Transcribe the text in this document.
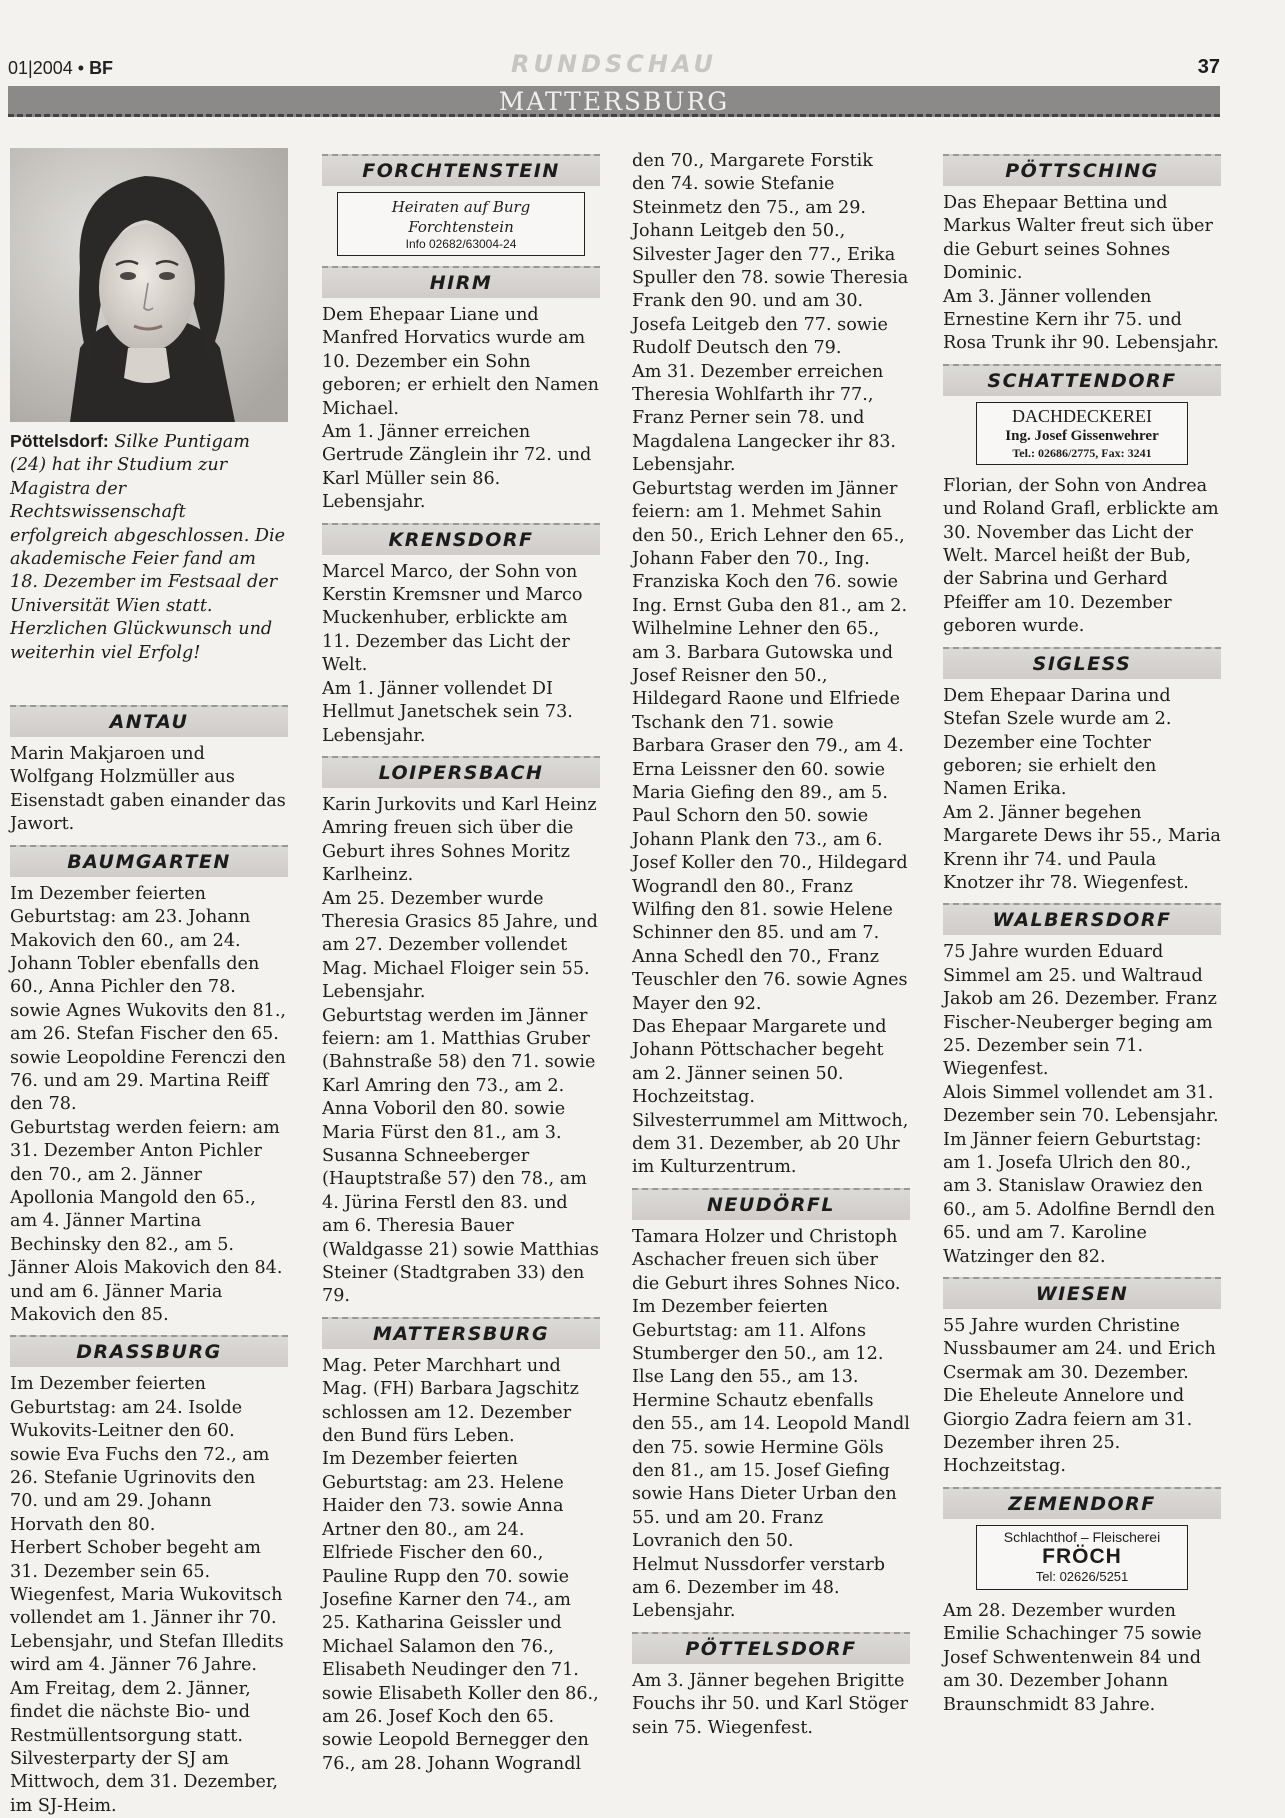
01|2004 • BF	RUNDSCHAU	37
MATTERSBURG

Pöttelsdorf: Silke Puntigam (24) hat ihr Studium zur Magistra der Rechtswissenschaft erfolgreich abgeschlossen. Die akademische Feier fand am 18. Dezember im Festsaal der Universität Wien statt. Herzlichen Glückwunsch und weiterhin viel Erfolg!

ANTAU

Marin Makjaroen und Wolfgang Holzmüller aus Eisenstadt gaben einander das Jawort.

BAUMGARTEN

Im Dezember feierten Geburtstag: am 23. Johann Makovich den 60., am 24. Johann Tobler ebenfalls den 60., Anna Pichler den 78. sowie Agnes Wukovits den 81., am 26. Stefan Fischer den 65. sowie Leopoldine Ferenczi den 76. und am 29. Martina Reiff den 78.

Geburtstag werden feiern: am 31. Dezember Anton Pichler den 70., am 2. Jänner Apollonia Mangold den 65., am 4. Jänner Martina Bechinsky den 82., am 5. Jänner Alois Makovich den 84. und am 6. Jänner Maria Makovich den 85.

DRASSBURG

Im Dezember feierten Geburtstag: am 24. Isolde Wukovits-Leitner den 60. sowie Eva Fuchs den 72., am 26. Stefanie Ugrinovits den 70. und am 29. Johann Horvath den 80.

Herbert Schober begeht am 31. Dezember sein 65. Wiegenfest, Maria Wukovitsch vollendet am 1. Jänner ihr 70. Lebensjahr, und Stefan Illedits wird am 4. Jänner 76 Jahre.

Am Freitag, dem 2. Jänner, findet die nächste Bio- und Restmüllentsorgung statt.

Silvesterparty der SJ am Mittwoch, dem 31. Dezember, im SJ-Heim.

FORCHTENSTEIN
Heiraten auf Burg
Forchtenstein
Info 02682/63004-24
HIRM

Dem Ehepaar Liane und Manfred Horvatics wurde am 10. Dezember ein Sohn geboren; er erhielt den Namen Michael.

Am 1. Jänner erreichen Gertrude Zänglein ihr 72. und Karl Müller sein 86. Lebensjahr.

KRENSDORF

Marcel Marco, der Sohn von Kerstin Kremsner und Marco Muckenhuber, erblickte am 11. Dezember das Licht der Welt.

Am 1. Jänner vollendet DI Hellmut Janetschek sein 73. Lebensjahr.

LOIPERSBACH

Karin Jurkovits und Karl Heinz Amring freuen sich über die Geburt ihres Sohnes Moritz Karlheinz.

Am 25. Dezember wurde Theresia Grasics 85 Jahre, und am 27. Dezember vollendet Mag. Michael Floiger sein 55. Lebensjahr.

Geburtstag werden im Jänner feiern: am 1. Matthias Gruber (Bahnstraße 58) den 71. sowie Karl Amring den 73., am 2. Anna Voboril den 80. sowie Maria Fürst den 81., am 3. Susanna Schneeberger (Hauptstraße 57) den 78., am 4. Jürina Ferstl den 83. und am 6. Theresia Bauer (Waldgasse 21) sowie Matthias Steiner (Stadtgraben 33) den 79.

MATTERSBURG

Mag. Peter Marchhart und Mag. (FH) Barbara Jagschitz schlossen am 12. Dezember den Bund fürs Leben.

Im Dezember feierten Geburtstag: am 23. Helene Haider den 73. sowie Anna Artner den 80., am 24. Elfriede Fischer den 60., Pauline Rupp den 70. sowie Josefine Karner den 74., am 25. Katharina Geissler und Michael Salamon den 76., Elisabeth Neudinger den 71. sowie Elisabeth Koller den 86., am 26. Josef Koch den 65. sowie Leopold Bernegger den 76., am 28. Johann Wograndl

den 70., Margarete Forstik den 74. sowie Stefanie Steinmetz den 75., am 29. Johann Leitgeb den 50., Silvester Jager den 77., Erika Spuller den 78. sowie Theresia Frank den 90. und am 30. Josefa Leitgeb den 77. sowie Rudolf Deutsch den 79.

Am 31. Dezember erreichen Theresia Wohlfarth ihr 77., Franz Perner sein 78. und Magdalena Langecker ihr 83. Lebensjahr.

Geburtstag werden im Jänner feiern: am 1. Mehmet Sahin den 50., Erich Lehner den 65., Johann Faber den 70., Ing. Franziska Koch den 76. sowie Ing. Ernst Guba den 81., am 2. Wilhelmine Lehner den 65., am 3. Barbara Gutowska und Josef Reisner den 50., Hildegard Raone und Elfriede Tschank den 71. sowie Barbara Graser den 79., am 4. Erna Leissner den 60. sowie Maria Giefing den 89., am 5. Paul Schorn den 50. sowie Johann Plank den 73., am 6. Josef Koller den 70., Hildegard Wograndl den 80., Franz Wilfing den 81. sowie Helene Schinner den 85. und am 7. Anna Schedl den 70., Franz Teuschler den 76. sowie Agnes Mayer den 92.

Das Ehepaar Margarete und Johann Pöttschacher begeht am 2. Jänner seinen 50. Hochzeitstag.

Silvesterrummel am Mittwoch, dem 31. Dezember, ab 20 Uhr im Kulturzentrum.

NEUDÖRFL

Tamara Holzer und Christoph Aschacher freuen sich über die Geburt ihres Sohnes Nico.

Im Dezember feierten Geburtstag: am 11. Alfons Stumberger den 50., am 12. Ilse Lang den 55., am 13. Hermine Schautz ebenfalls den 55., am 14. Leopold Mandl den 75. sowie Hermine Göls den 81., am 15. Josef Giefing sowie Hans Dieter Urban den 55. und am 20. Franz Lovranich den 50.

Helmut Nussdorfer verstarb am 6. Dezember im 48. Lebensjahr.

PÖTTELSDORF

Am 3. Jänner begehen Brigitte Fouchs ihr 50. und Karl Stöger sein 75. Wiegenfest.

PÖTTSCHING

Das Ehepaar Bettina und Markus Walter freut sich über die Geburt seines Sohnes Dominic.

Am 3. Jänner vollenden Ernestine Kern ihr 75. und Rosa Trunk ihr 90. Lebensjahr.

SCHATTENDORF
DACHDECKEREI
Ing. Josef Gissenwehrer
Tel.: 02686/2775, Fax: 3241

Florian, der Sohn von Andrea und Roland Grafl, erblickte am 30. November das Licht der Welt. Marcel heißt der Bub, der Sabrina und Gerhard Pfeiffer am 10. Dezember geboren wurde.

SIGLESS

Dem Ehepaar Darina und Stefan Szele wurde am 2. Dezember eine Tochter geboren; sie erhielt den Namen Erika.

Am 2. Jänner begehen Margarete Dews ihr 55., Maria Krenn ihr 74. und Paula Knotzer ihr 78. Wiegenfest.

WALBERSDORF

75 Jahre wurden Eduard Simmel am 25. und Waltraud Jakob am 26. Dezember. Franz Fischer-Neuberger beging am 25. Dezember sein 71. Wiegenfest.

Alois Simmel vollendet am 31. Dezember sein 70. Lebensjahr.

Im Jänner feiern Geburtstag: am 1. Josefa Ulrich den 80., am 3. Stanislaw Orawiez den 60., am 5. Adolfine Berndl den 65. und am 7. Karoline Watzinger den 82.

WIESEN

55 Jahre wurden Christine Nussbaumer am 24. und Erich Csermak am 30. Dezember.

Die Eheleute Annelore und Giorgio Zadra feiern am 31. Dezember ihren 25. Hochzeitstag.

ZEMENDORF
Schlachthof – Fleischerei
FRÖCH
Tel: 02626/5251

Am 28. Dezember wurden Emilie Schachinger 75 sowie Josef Schwentenwein 84 und am 30. Dezember Johann Braunschmidt 83 Jahre.
